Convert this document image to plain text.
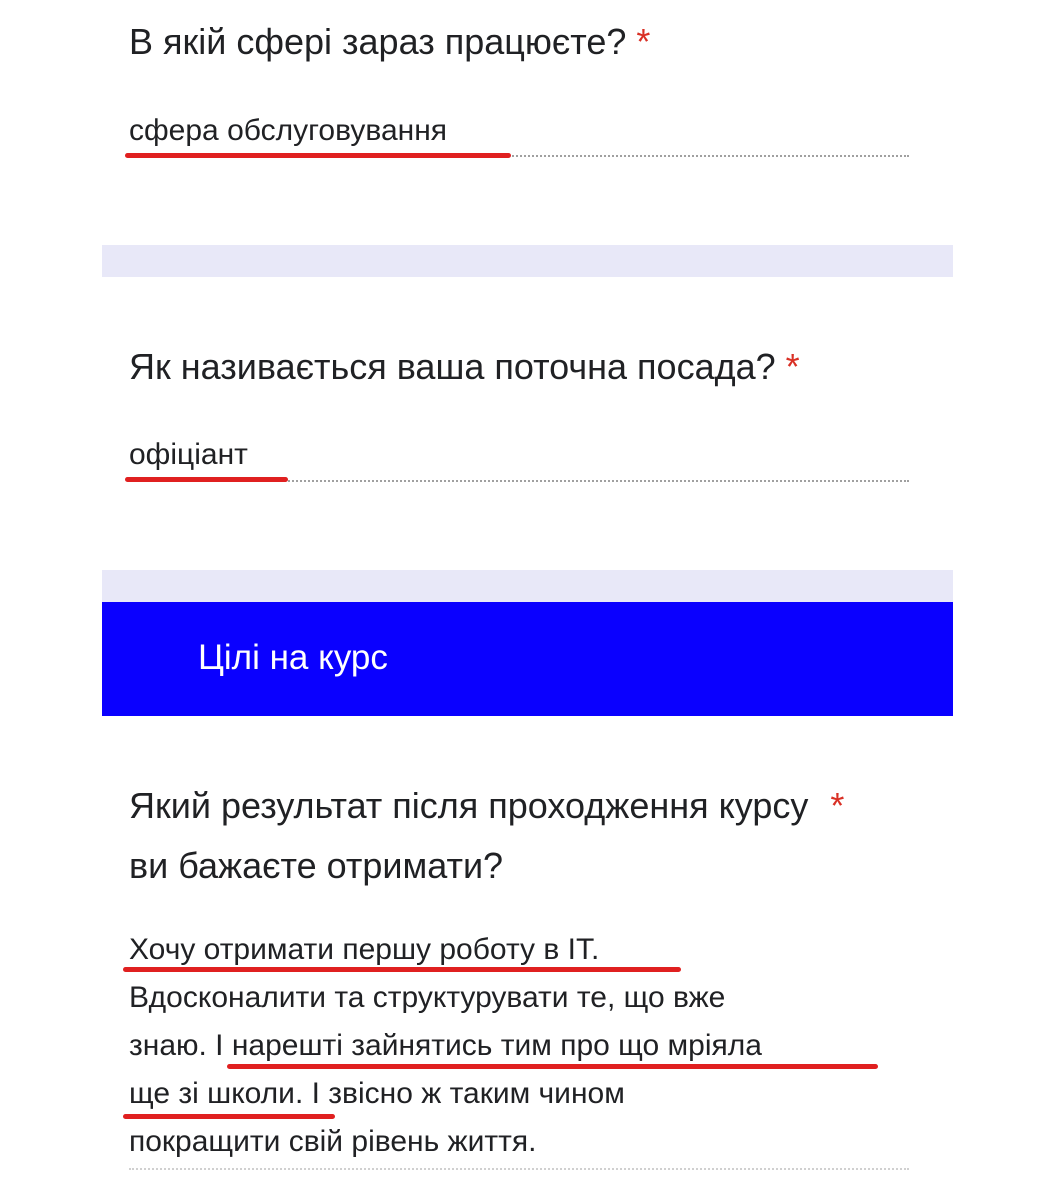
В якій сфері зараз працюєте? *
сфера обслуговування
Як називається ваша поточна посада? *
офіціант
Цілі на курс
Який результат після проходження курсу *
ви бажаєте отримати?
Хочу отримати першу роботу в IT.
Вдосконалити та структурувати те, що вже
знаю. І нарешті зайнятись тим про що мріяла
ще зі школи. І звісно ж таким чином
покращити свій рівень життя.
